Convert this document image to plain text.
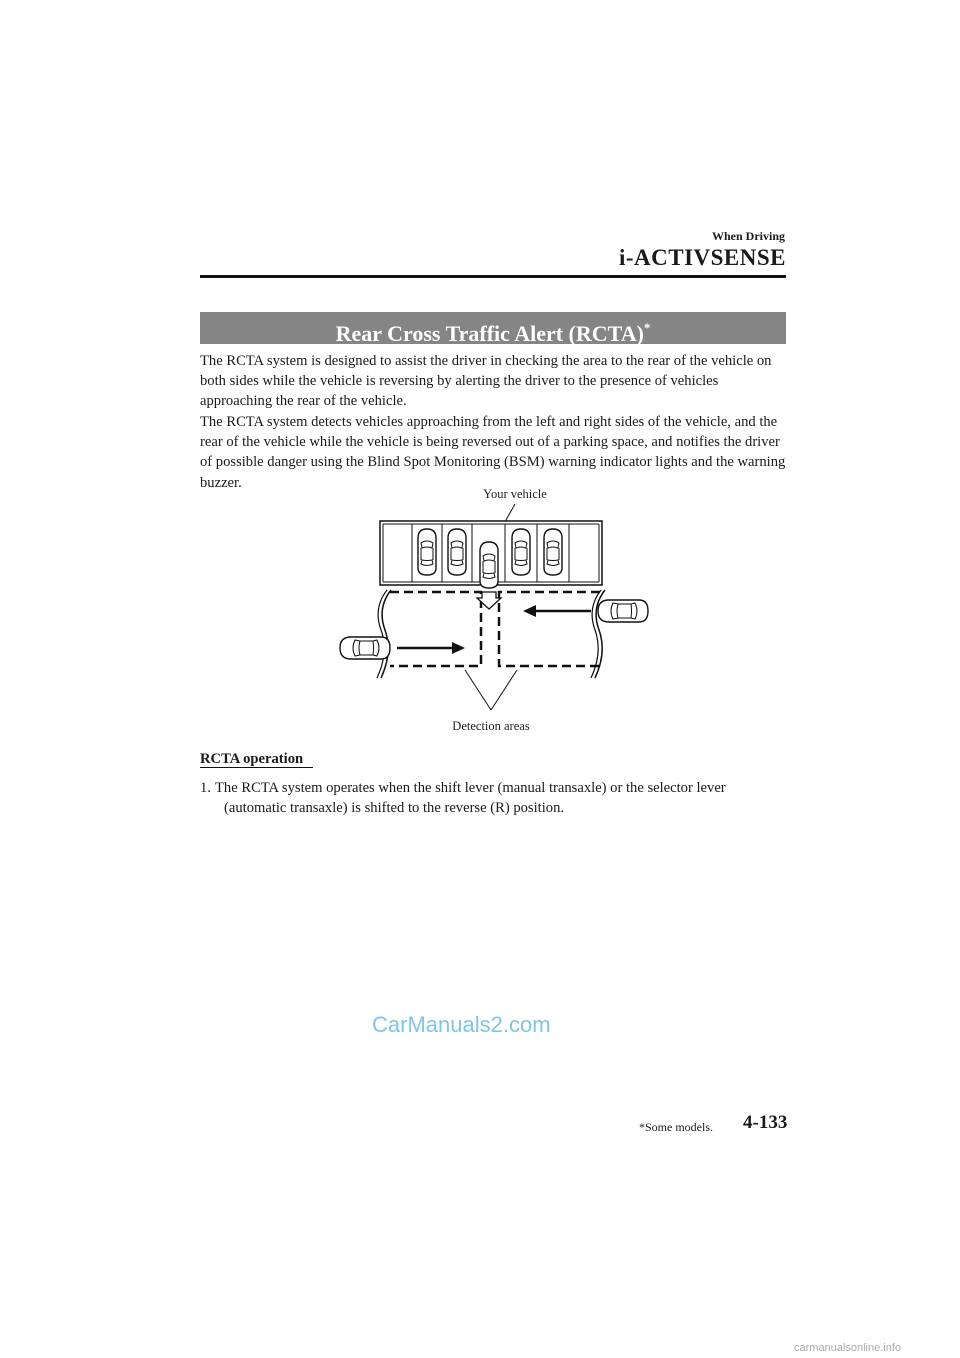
When Driving
i-ACTIVSENSE
Rear Cross Traffic Alert (RCTA)*
The RCTA system is designed to assist the driver in checking the area to the rear of the vehicle on both sides while the vehicle is reversing by alerting the driver to the presence of vehicles approaching the rear of the vehicle.
The RCTA system detects vehicles approaching from the left and right sides of the vehicle, and the rear of the vehicle while the vehicle is being reversed out of a parking space, and notifies the driver of possible danger using the Blind Spot Monitoring (BSM) warning indicator lights and the warning buzzer.
Your vehicle
Detection areas
RCTA operation
1. The RCTA system operates when the shift lever (manual transaxle) or the selector lever
(automatic transaxle) is shifted to the reverse (R) position.
CarManuals2.com
*Some models. 4-133
carmanualsonline.info
